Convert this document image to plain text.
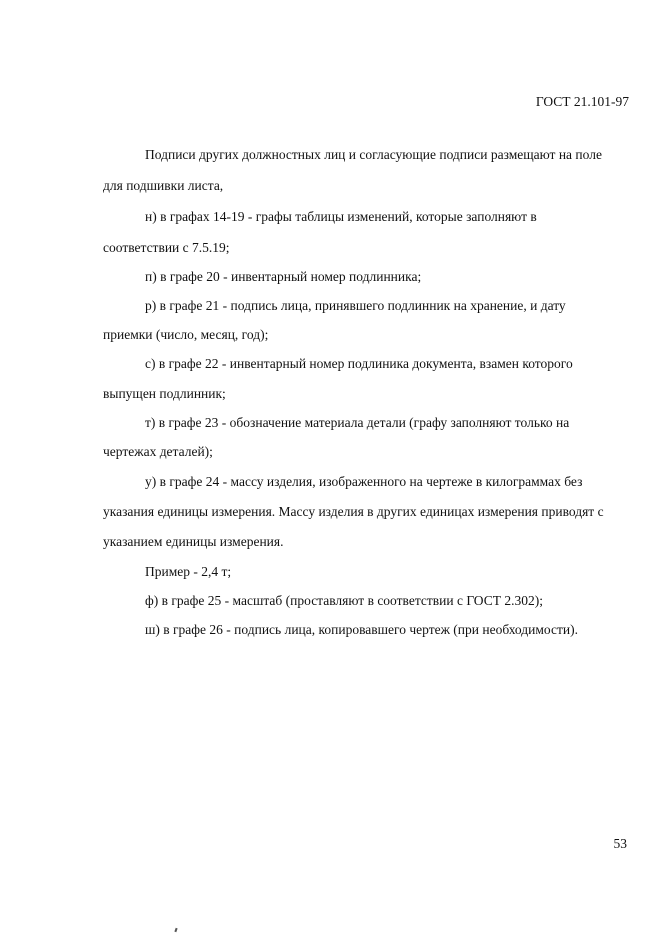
ГОСТ 21.101-97
Подписи других должностных лиц и согласующие подписи размещают на поле
для подшивки листа,
н) в графах 14-19 - графы таблицы изменений, которые заполняют в
соответствии с 7.5.19;
п) в графе 20 - инвентарный номер подлинника;
р) в графе 21 - подпись лица, принявшего подлинник на хранение, и дату
приемки (число, месяц, год);
с) в графе 22 - инвентарный номер подлиника документа, взамен которого
выпущен подлинник;
т) в графе 23 - обозначение материала детали (графу заполняют только на
чертежах деталей);
у) в графе 24 - массу изделия, изображенного на чертеже в килограммах без
указания единицы измерения. Массу изделия в других единицах измерения приводят с
указанием единицы измерения.
Пример - 2,4 т;
ф) в графе 25 - масштаб (проставляют в соответствии с ГОСТ 2.302);
ш) в графе 26 - подпись лица, копировавшего чертеж (при необходимости).
53
